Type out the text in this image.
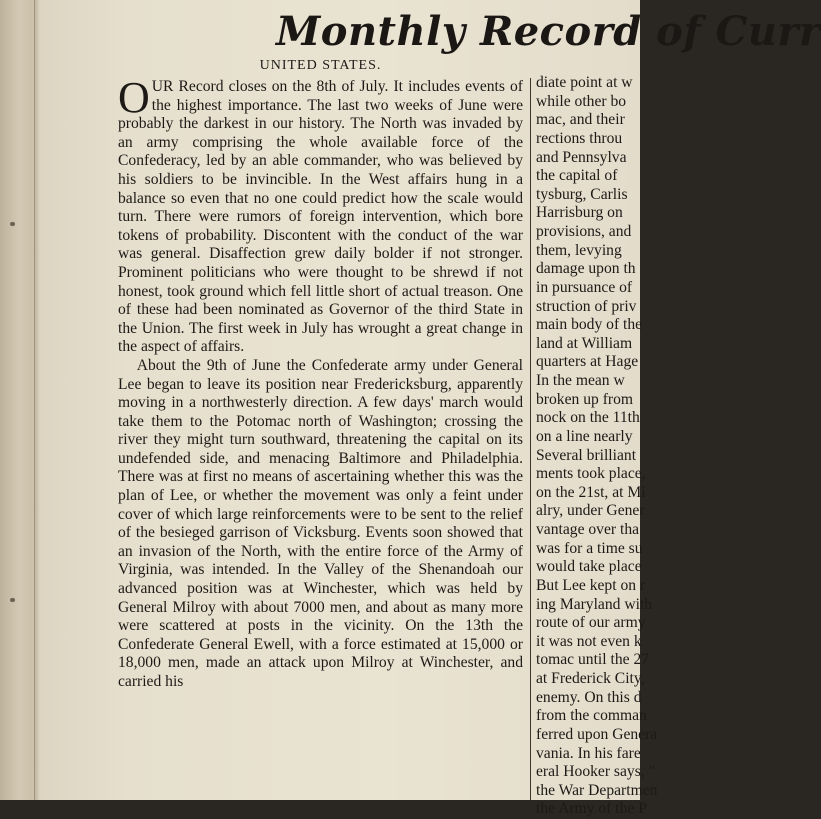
Monthly Record of Curr
UNITED STATES.

OUR Record closes on the 8th of July. It includes events of the highest importance. The last two weeks of June were probably the darkest in our history. The North was invaded by an army comprising the whole available force of the Confederacy, led by an able commander, who was believed by his soldiers to be invincible. In the West affairs hung in a balance so even that no one could predict how the scale would turn. There were rumors of foreign intervention, which bore tokens of probability. Discontent with the conduct of the war was general. Disaffection grew daily bolder if not stronger. Prominent politicians who were thought to be shrewd if not honest, took ground which fell little short of actual treason. One of these had been nominated as Governor of the third State in the Union. The first week in July has wrought a great change in the aspect of affairs.

About the 9th of June the Confederate army under General Lee began to leave its position near Fredericksburg, apparently moving in a northwesterly direction. A few days' march would take them to the Potomac north of Washington; crossing the river they might turn southward, threatening the capital on its undefended side, and menacing Baltimore and Philadelphia. There was at first no means of ascertaining whether this was the plan of Lee, or whether the movement was only a feint under cover of which large reinforcements were to be sent to the relief of the besieged garrison of Vicksburg. Events soon showed that an invasion of the North, with the entire force of the Army of Virginia, was intended. In the Valley of the Shenandoah our advanced position was at Winchester, which was held by General Milroy with about 7000 men, and about as many more were scattered at posts in the vicinity. On the 13th the Confederate General Ewell, with a force estimated at 15,000 or 18,000 men, made an attack upon Milroy at Winchester, and carried his

diate point at w
while other bo
mac, and their
rections throu
and Pennsylva
the capital of
tysburg, Carlis
Harrisburg on
provisions, and
them, levying
damage upon th
in pursuance of
struction of priv
main body of the
land at William
quarters at Hage
In the mean w
broken up from
nock on the 11th
on a line nearly
Several brilliant
ments took place,
on the 21st, at Mi
alry, under Gener
vantage over tha
was for a time su
would take place
But Lee kept on r
ing Maryland with
route of our army
it was not even k
tomac until the 27
at Frederick City,
enemy. On this d
from the comman
ferred upon Genera
vania. In his fare
eral Hooker says, "
the War Departmen
the Army of the P
